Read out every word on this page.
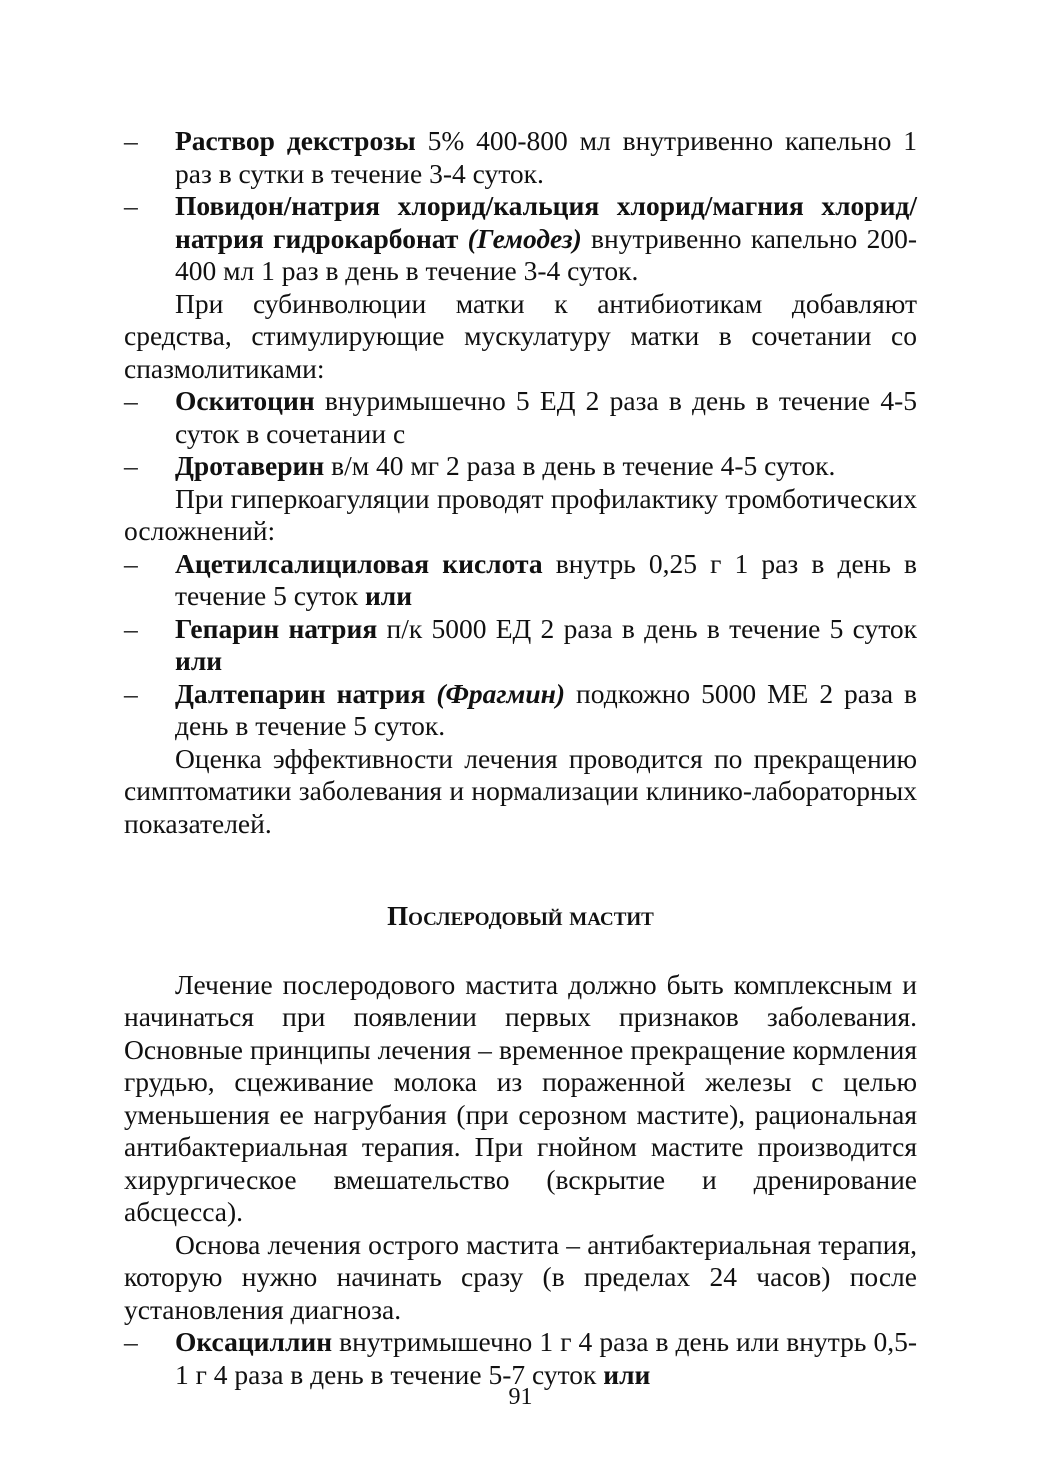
– Раствор декстрозы 5% 400-800 мл внутривенно капельно 1 раз в сутки в течение 3-4 суток.
– Повидон/натрия хлорид/кальция хлорид/магния хлорид/натрия гидрокарбонат (Гемодез) внутривенно капельно 200-400 мл 1 раз в день в течение 3-4 суток.
При субинволюции матки к антибиотикам добавляют средства, стимулирующие мускулатуру матки в сочетании со спазмолитиками:
– Оскитоцин внуримышечно 5 ЕД 2 раза в день в течение 4-5 суток в сочетании с
– Дротаверин в/м 40 мг 2 раза в день в течение 4-5 суток.
При гиперкоагуляции проводят профилактику тромботических осложнений:
– Ацетилсалициловая кислота внутрь 0,25 г 1 раз в день в течение 5 суток или
– Гепарин натрия п/к 5000 ЕД 2 раза в день в течение 5 суток или
– Далтепарин натрия (Фрагмин) подкожно 5000 МЕ 2 раза в день в течение 5 суток.
Оценка эффективности лечения проводится по прекращению симптоматики заболевания и нормализации клинико-лабораторных показателей.
Послеродовый мастит
Лечение послеродового мастита должно быть комплексным и начинаться при появлении первых признаков заболевания. Основные принципы лечения – временное прекращение кормления грудью, сцеживание молока из пораженной железы с целью уменьшения ее нагрубания (при серозном мастите), рациональная антибактериальная терапия. При гнойном мастите производится хирургическое вмешательство (вскрытие и дренирование абсцесса).
Основа лечения острого мастита – антибактериальная терапия, которую нужно начинать сразу (в пределах 24 часов) после установления диагноза.
– Оксациллин внутримышечно 1 г 4 раза в день или внутрь 0,5-1 г 4 раза в день в течение 5-7 суток или
91
